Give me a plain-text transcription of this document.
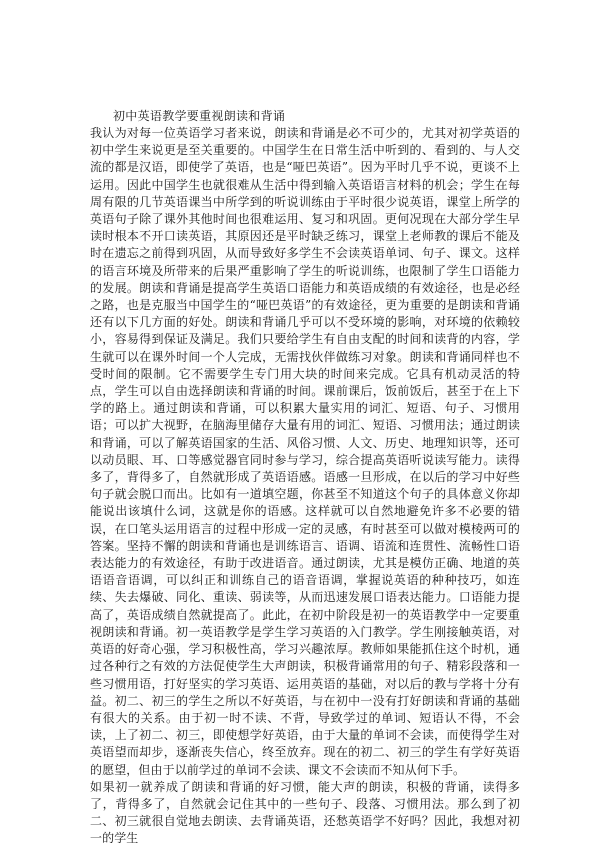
初中英语教学要重视朗读和背诵

我认为对每一位英语学习者来说，朗读和背诵是必不可少的，尤其对初学英语的初中学生来说更是至关重要的。中国学生在日常生活中听到的、看到的、与人交流的都是汉语，即使学了英语，也是“哑巴英语”。因为平时几乎不说，更谈不上运用。因此中国学生也就很难从生活中得到输入英语语言材料的机会；学生在每周有限的几节英语课当中所学到的听说训练由于平时很少说英语，课堂上所学的英语句子除了课外其他时间也很难运用、复习和巩固。更何况现在大部分学生早读时根本不开口读英语，其原因还是平时缺乏练习，课堂上老师教的课后不能及时在遗忘之前得到巩固，从而导致好多学生不会读英语单词、句子、课文。这样的语言环境及所带来的后果严重影响了学生的听说训练，也限制了学生口语能力的发展。朗读和背诵是提高学生英语口语能力和英语成绩的有效途径，也是必经之路，也是克服当中国学生的“哑巴英语”的有效途径，更为重要的是朗读和背诵还有以下几方面的好处。朗读和背诵几乎可以不受环境的影响，对环境的依赖较小，容易得到保证及满足。我们只要给学生有自由支配的时间和读背的内容，学生就可以在课外时间一个人完成，无需找伙伴做练习对象。朗读和背诵同样也不受时间的限制。它不需要学生专门用大块的时间来完成。它具有机动灵活的特点，学生可以自由选择朗读和背诵的时间。课前课后，饭前饭后，甚至于在上下学的路上。通过朗读和背诵，可以积累大量实用的词汇、短语、句子、习惯用语；可以扩大视野，在脑海里储存大量有用的词汇、短语、习惯用法；通过朗读和背诵，可以了解英语国家的生活、风俗习惯、人文、历史、地理知识等，还可以动员眼、耳、口等感觉器官同时参与学习，综合提高英语听说读写能力。读得多了，背得多了，自然就形成了英语语感。语感一旦形成，在以后的学习中好些句子就会脱口而出。比如有一道填空题，你甚至不知道这个句子的具体意义你却能说出该填什么词，这就是你的语感。这样就可以自然地避免许多不必要的错误，在口笔头运用语言的过程中形成一定的灵感，有时甚至可以做对模棱两可的答案。坚持不懈的朗读和背诵也是训练语言、语调、语流和连贯性、流畅性口语表达能力的有效途径，有助于改进语音。通过朗读，尤其是模仿正确、地道的英语语音语调，可以纠正和训练自己的语音语调，掌握说英语的种种技巧，如连续、失去爆破、同化、重读、弱读等，从而迅速发展口语表达能力。口语能力提高了，英语成绩自然就提高了。此此，在初中阶段是初一的英语教学中一定要重视朗读和背诵。初一英语教学是学生学习英语的入门教学。学生刚接触英语，对英语的好奇心强，学习积极性高，学习兴趣浓厚。教师如果能抓住这个时机，通过各种行之有效的方法促使学生大声朗读，积极背诵常用的句子、精彩段落和一些习惯用语，打好坚实的学习英语、运用英语的基础，对以后的教与学将十分有益。初二、初三的学生之所以不好英语，与在初中一没有打好朗读和背诵的基础有很大的关系。由于初一时不读、不背，导致学过的单词、短语认不得，不会读，上了初二、初三，即使想学好英语，由于大量的单词不会读，而使得学生对英语望而却步，逐渐丧失信心，终至放弃。现在的初二、初三的学生有学好英语的愿望，但由于以前学过的单词不会读、课文不会读而不知从何下手。

如果初一就养成了朗读和背诵的好习惯，能大声的朗读，积极的背诵，读得多了，背得多了，自然就会记住其中的一些句子、段落、习惯用法。那么到了初二、初三就很自觉地去朗读、去背诵英语，还愁英语学不好吗？因此，我想对初一的学生
